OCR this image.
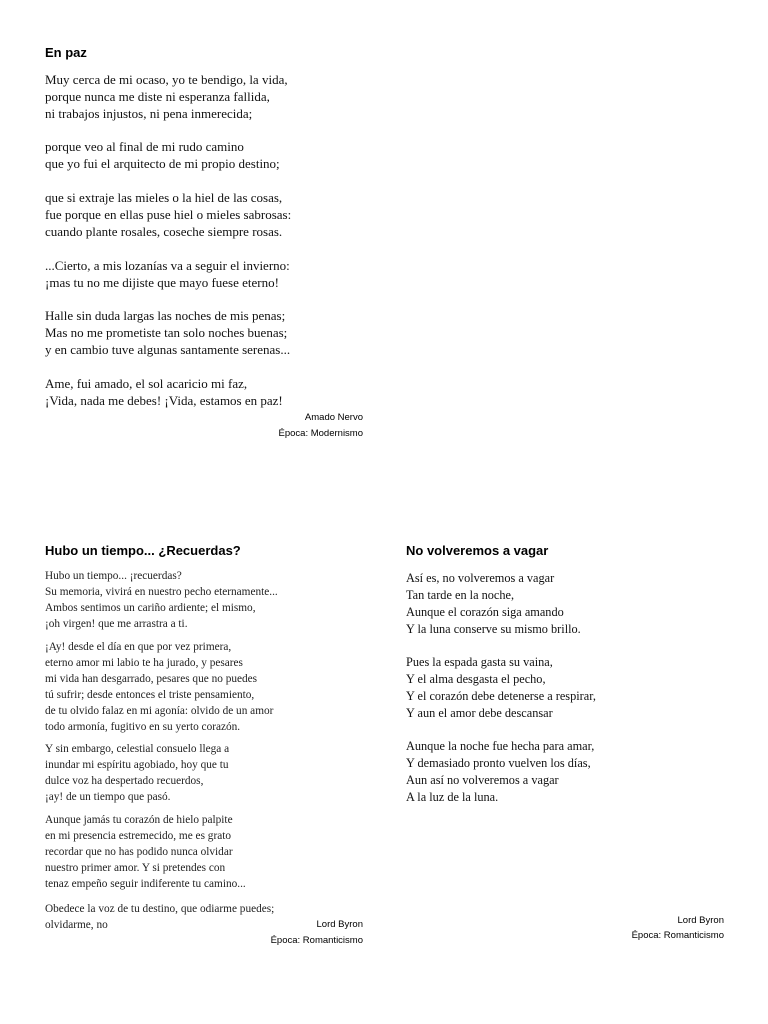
En paz
Muy cerca de mi ocaso, yo te bendigo, la vida,
porque nunca me diste ni esperanza fallida,
ni trabajos injustos, ni pena inmerecida;
porque veo al final de mi rudo camino
que yo fui el arquitecto de mi propio destino;
que si extraje las mieles o la hiel de las cosas,
fue porque en ellas puse hiel o mieles sabrosas:
cuando plante rosales, coseche siempre rosas.
...Cierto, a mis lozanías va a seguir el invierno:
¡mas tu no me dijiste que mayo fuese eterno!
Halle sin duda largas las noches de mis penas;
Mas no me prometiste tan solo noches buenas;
y en cambio tuve algunas santamente serenas...
Ame, fui amado, el sol acaricio mi faz,
¡Vida, nada me debes! ¡Vida, estamos en paz!
Amado Nervo
Época: Modernismo
Hubo un tiempo... ¿Recuerdas?
Hubo un tiempo... ¡recuerdas?
Su memoria, vivirá en nuestro pecho eternamente...
Ambos sentimos un cariño ardiente; el mismo,
¡oh virgen! que me arrastra a ti.
¡Ay! desde el día en que por vez primera,
eterno amor mi labio te ha jurado, y pesares
mi vida han desgarrado, pesares que no puedes
tú sufrir; desde entonces el triste pensamiento,
de tu olvido falaz en mi agonía: olvido de un amor
todo armonía, fugitivo en su yerto corazón.
Y sin embargo, celestial consuelo llega a
inundar mi espíritu agobiado, hoy que tu
dulce voz ha despertado recuerdos,
¡ay! de un tiempo que pasó.
Aunque jamás tu corazón de hielo palpite
en mi presencia estremecido, me es grato
recordar que no has podido nunca olvidar
nuestro primer amor. Y si pretendes con
tenaz empeño seguir indiferente tu camino...
Obedece la voz de tu destino, que odiarme puedes;
olvidarme, no	Lord Byron
Época: Romanticismo
No volveremos a vagar
Así es, no volveremos a vagar
Tan tarde en la noche,
Aunque el corazón siga amando
Y la luna conserve su mismo brillo.
Pues la espada gasta su vaina,
Y el alma desgasta el pecho,
Y el corazón debe detenerse a respirar,
Y aun el amor debe descansar
Aunque la noche fue hecha para amar,
Y demasiado pronto vuelven los días,
Aun así no volveremos a vagar
A la luz de la luna.
Lord Byron
Época: Romanticismo
